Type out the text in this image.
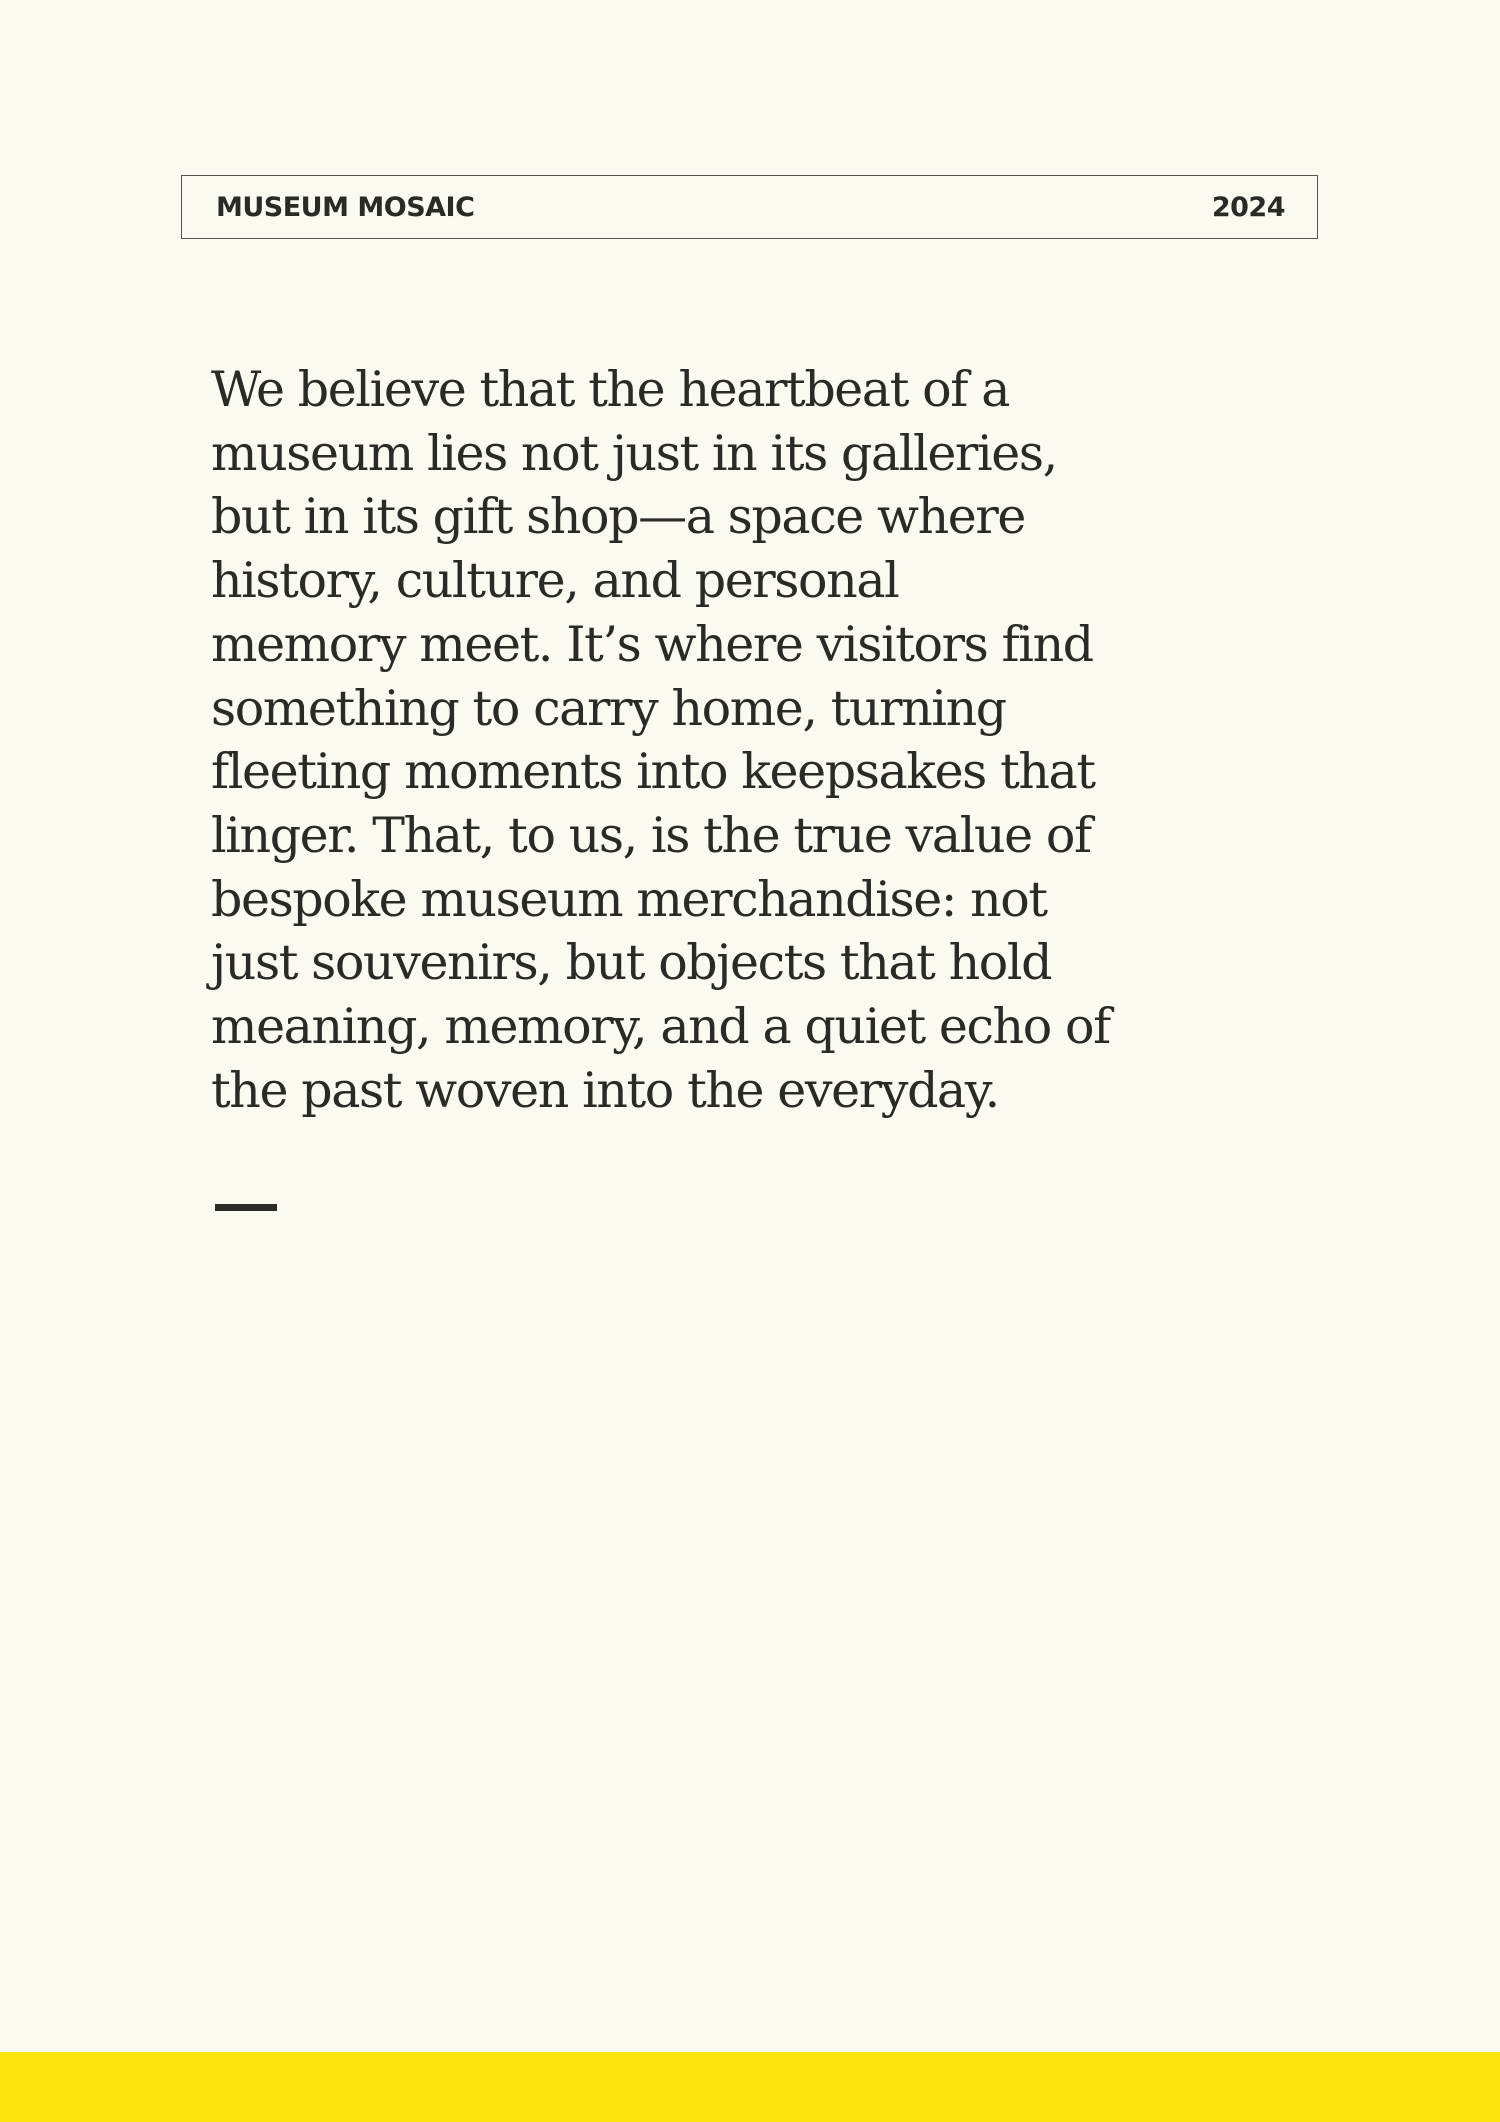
MUSEUM MOSAIC	2024

We believe that the heartbeat of a
museum lies not just in its galleries,
but in its gift shop—a space where
history, culture, and personal
memory meet. It’s where visitors find
something to carry home, turning
fleeting moments into keepsakes that
linger. That, to us, is the true value of
bespoke museum merchandise: not
just souvenirs, but objects that hold
meaning, memory, and a quiet echo of
the past woven into the everyday.
